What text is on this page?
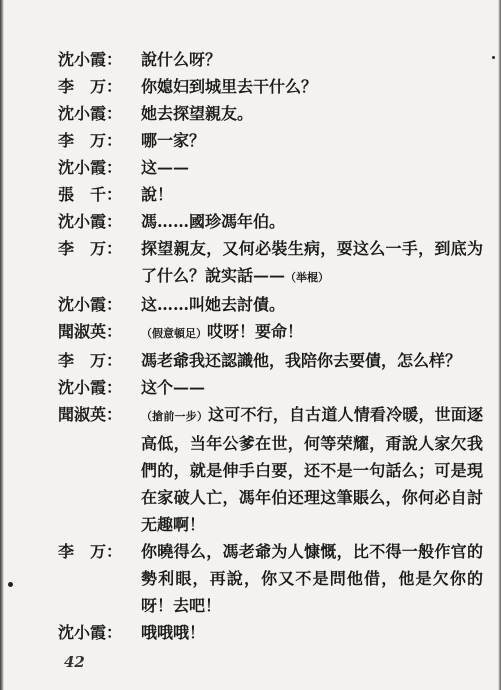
沈小霞：	說什么呀？
李　万：	你媳妇到城里去干什么？
沈小霞：	她去探望親友。
李　万：	哪一家？
沈小霞：	这——
張　千：	說！
沈小霞：	馮……國珍馮年伯。
李　万：	探望親友，又何必裝生病，耍这么一手，到底为了什么？說实話——（举棍）
沈小霞：	这……叫她去討債。
聞淑英：	（假意頓足）哎呀！要命！
李　万：	馮老爺我还認識他，我陪你去要債，怎么样？
沈小霞：	这个——
聞淑英：	（搶前一步）这可不行，自古道人情看冷暖，世面逐高低，当年公爹在世，何等荣耀，甭說人家欠我們的，就是伸手白要，还不是一句話么；可是現在家破人亡，馮年伯还理这筆賬么，你何必自討无趣啊！
李　万：	你曉得么，馮老爺为人慷慨，比不得一般作官的勢利眼，再說，你又不是問他借，他是欠你的呀！去吧！
沈小霞：	哦哦哦！
42
